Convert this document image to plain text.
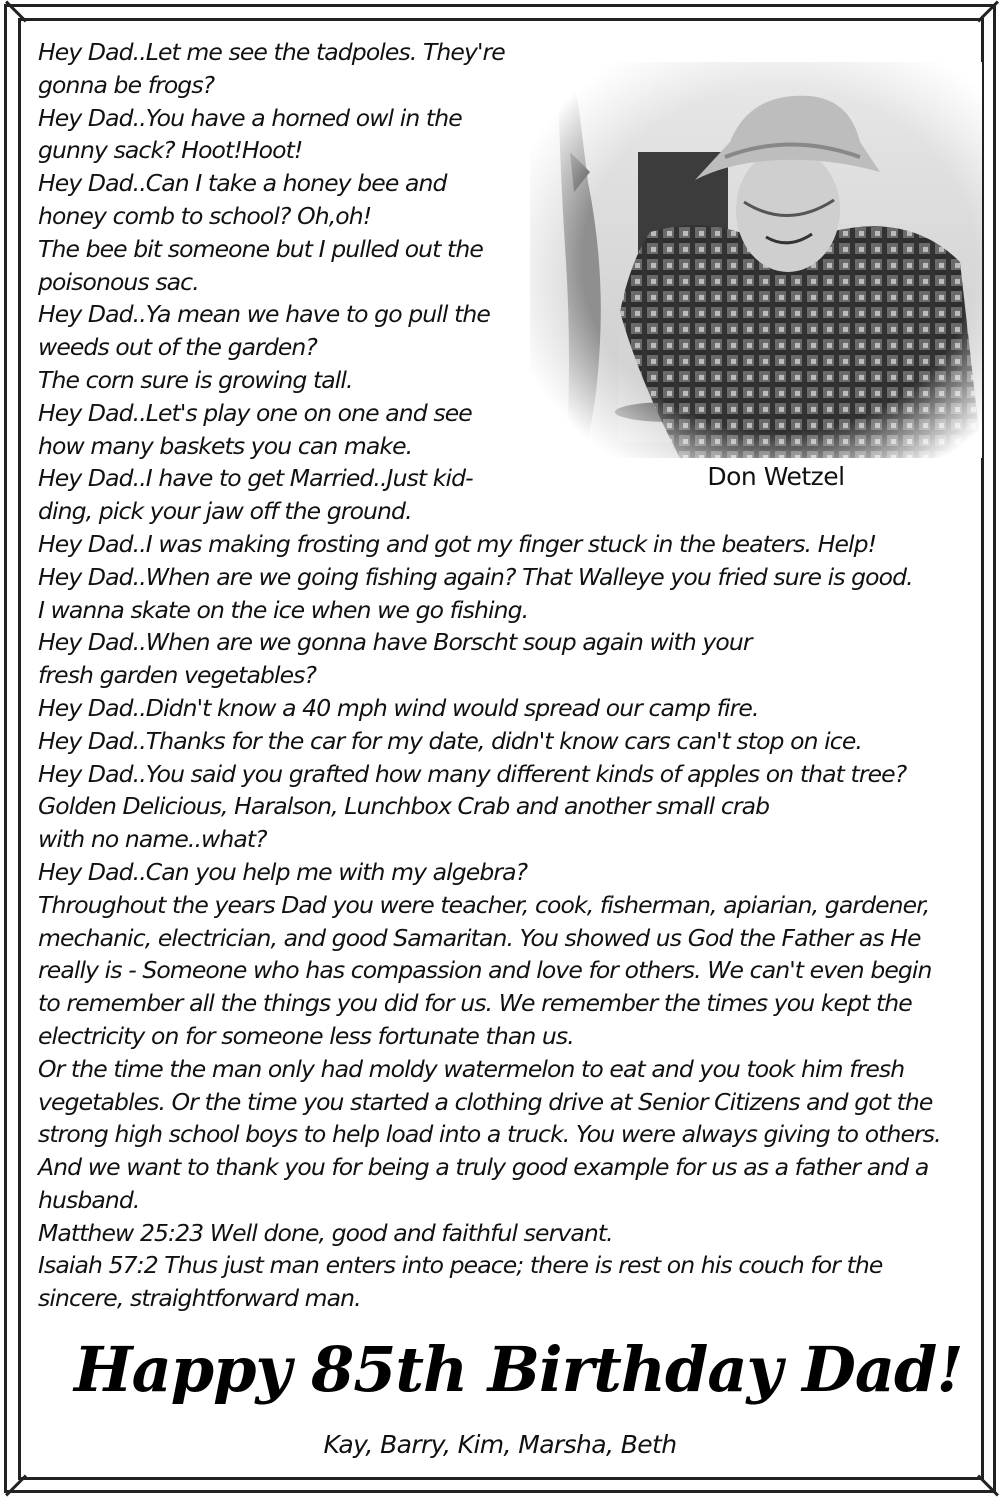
Don Wetzel
Hey Dad..Let me see the tadpoles. They're
gonna be frogs?
Hey Dad..You have a horned owl in the
gunny sack? Hoot!Hoot!
Hey Dad..Can I take a honey bee and
honey comb to school? Oh,oh!
The bee bit someone but I pulled out the
poisonous sac.
Hey Dad..Ya mean we have to go pull the
weeds out of the garden?
The corn sure is growing tall.
Hey Dad..Let's play one on one and see
how many baskets you can make.
Hey Dad..I have to get Married..Just kid-
ding, pick your jaw off the ground.
Hey Dad..I was making frosting and got my finger stuck in the beaters. Help!
Hey Dad..When are we going fishing again? That Walleye you fried sure is good.
I wanna skate on the ice when we go fishing.
Hey Dad..When are we gonna have Borscht soup again with your
fresh garden vegetables?
Hey Dad..Didn't know a 40 mph wind would spread our camp fire.
Hey Dad..Thanks for the car for my date, didn't know cars can't stop on ice.
Hey Dad..You said you grafted how many different kinds of apples on that tree?
Golden Delicious, Haralson, Lunchbox Crab and another small crab
with no name..what?
Hey Dad..Can you help me with my algebra?
Throughout the years Dad you were teacher, cook, fisherman, apiarian, gardener,
mechanic, electrician, and good Samaritan. You showed us God the Father as He
really is - Someone who has compassion and love for others. We can't even begin
to remember all the things you did for us. We remember the times you kept the
electricity on for someone less fortunate than us.
Or the time the man only had moldy watermelon to eat and you took him fresh
vegetables. Or the time you started a clothing drive at Senior Citizens and got the
strong high school boys to help load into a truck. You were always giving to others.
And we want to thank you for being a truly good example for us as a father and a
husband.
Matthew 25:23 Well done, good and faithful servant.
Isaiah 57:2 Thus just man enters into peace; there is rest on his couch for the
sincere, straightforward man.
Happy 85th Birthday Dad!
Kay, Barry, Kim, Marsha, Beth
